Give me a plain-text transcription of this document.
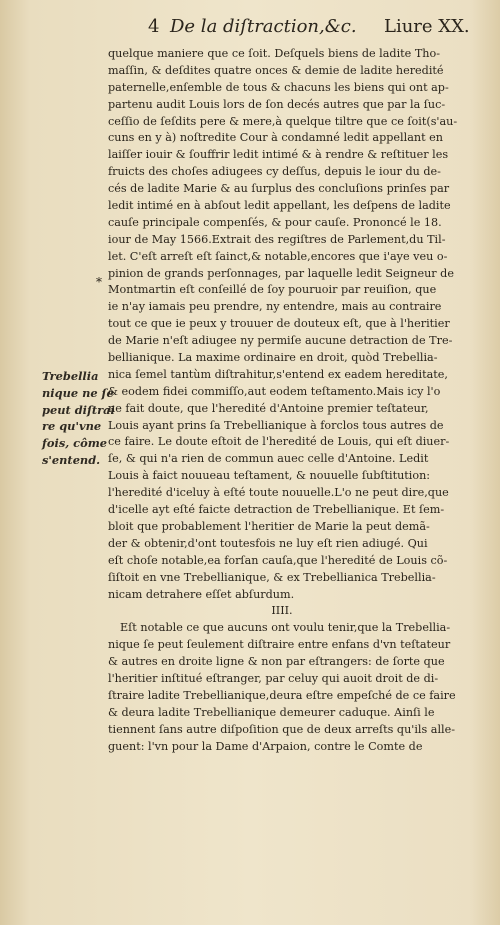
4 De la diſtraction,&c. Liure XX.
*
Trebellia
nique ne ſe
peut diſtrai
re qu'vne
fois, côme
s'entend.
quelque maniere que ce ſoit. Deſquels biens de ladite Tho-
maſſin, & deſdites quatre onces & demie de ladite heredité
paternelle,enſemble de tous & chacuns les biens qui ont ap-
partenu audit Louis lors de ſon decés autres que par la ſuc-
ceſſio de ſeſdits pere & mere,à quelque tiltre que ce ſoit(s'au-
cuns en y à) noſtredite Cour à condamné ledit appellant en
laiſſer iouir & ſouffrir ledit intimé & à rendre & reſtituer les
fruicts des choſes adiugees cy deſſus, depuis le iour du de-
cés de ladite Marie & au ſurplus des concluſions prinſes par
ledit intimé en à abſout ledit appellant, les deſpens de ladite
cauſe principale compenſés, & pour cauſe. Prononcé le 18.
iour de May 1566.Extrait des regiſtres de Parlement,du Til-
let. C'eſt arreſt eſt ſainct,& notable,encores que i'aye veu o-
pinion de grands perſonnages, par laquelle ledit Seigneur de
Montmartin eſt conſeillé de ſoy pouruoir par reuiſion, que
ie n'ay iamais peu prendre, ny entendre, mais au contraire
tout ce que ie peux y trouuer de douteux eſt, que à l'heritier
de Marie n'eſt adiugee ny permiſe aucune detraction de Tre-
bellianique. La maxime ordinaire en droit, quòd Trebellia-
nica ſemel tantùm diſtrahitur,s'entend ex eadem hereditate,
& eodem fidei commiſſo,aut eodem teſtamento.Mais icy l'o
ne fait doute, que l'heredité d'Antoine premier teſtateur,
Louis ayant prins ſa Trebellianique à forclos tous autres de
ce faire. Le doute eſtoit de l'heredité de Louis, qui eſt diuer-
ſe, & qui n'a rien de commun auec celle d'Antoine. Ledit
Louis à faict nouueau teſtament, & nouuelle ſubſtitution:
l'heredité d'iceluy à eſté toute nouuelle.L'o ne peut dire,que
d'icelle ayt eſté faicte detraction de Trebellianique. Et ſem-
bloit que probablement l'heritier de Marie la peut demã-
der & obtenir,d'ont toutesfois ne luy eſt rien adiugé. Qui
eſt choſe notable,ea forſan cauſa,que l'heredité de Louis cõ-
ſiſtoit en vne Trebellianique, & ex Trebellianica Trebellia-
nicam detrahere eſſet abſurdum.
IIII.
Eſt notable ce que aucuns ont voulu tenir,que la Trebellia-
nique ſe peut ſeulement diſtraire entre enfans d'vn teſtateur
& autres en droite ligne & non par eſtrangers: de ſorte que
l'heritier inſtitué eſtranger, par celuy qui auoit droit de di-
ſtraire ladite Trebellianique,deura eſtre empeſché de ce faire
& deura ladite Trebellianique demeurer caduque. Ainſi le
tiennent ſans autre diſpoſition que de deux arreſts qu'ils alle-
guent: l'vn pour la Dame d'Arpaion, contre le Comte de
